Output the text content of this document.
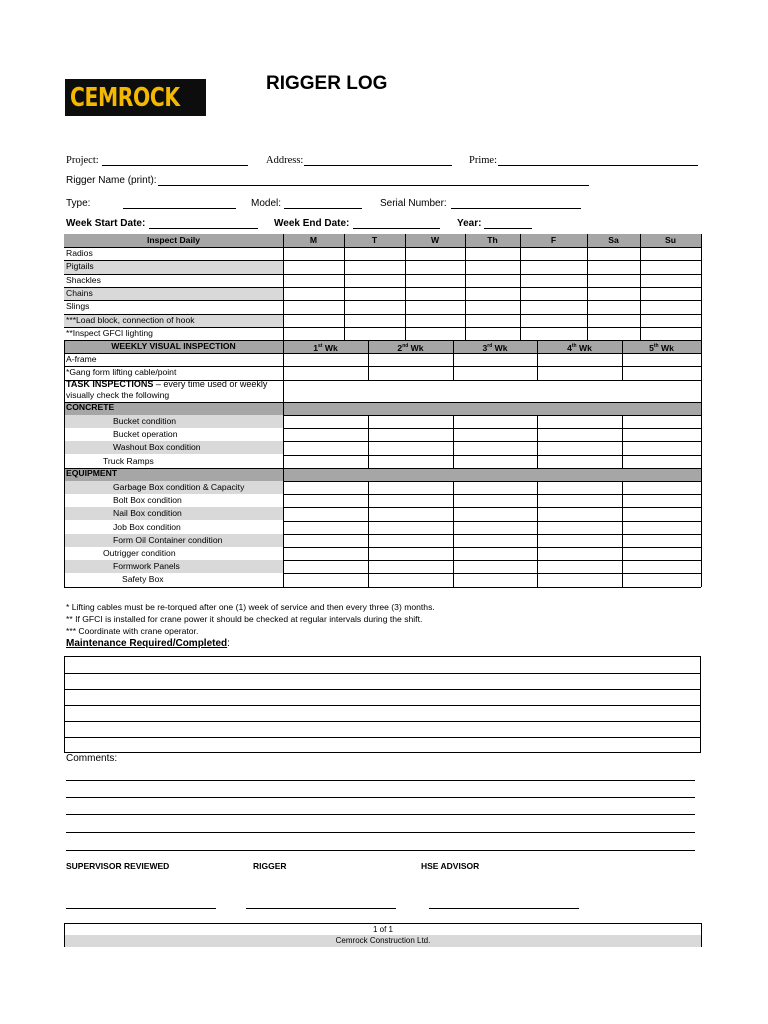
CEMROCK	RIGGER LOG
Project:	Address:	Prime:
Rigger Name (print):
Type:	Model:	Serial Number:
Week Start Date:	Week End Date:	Year:
Inspect Daily	M	T	W	Th	F	Sa	Su
Radios
Pigtails
Shackles
Chains
Slings
***Load block, connection of hook
**Inspect GFCI lighting
WEEKLY VISUAL INSPECTION	1st Wk	2nd Wk	3rd Wk	4th Wk	5th Wk
A-frame
*Gang form lifting cable/point
TASK INSPECTIONS – every time used or weekly
visually check the following
CONCRETE
Bucket condition
Bucket operation
Washout Box condition
Truck Ramps
EQUIPMENT
Garbage Box condition & Capacity
Bolt Box condition
Nail Box condition
Job Box condition
Form Oil Container condition
Outrigger condition
Formwork Panels
Safety Box
* Lifting cables must be re-torqued after one (1) week of service and then every three (3) months.
** If GFCI is installed for crane power it should be checked at regular intervals during the shift.
*** Coordinate with crane operator.
Maintenance Required/Completed:
Comments:
SUPERVISOR REVIEWED	RIGGER	HSE ADVISOR
1 of 1
Cemrock Construction Ltd.
